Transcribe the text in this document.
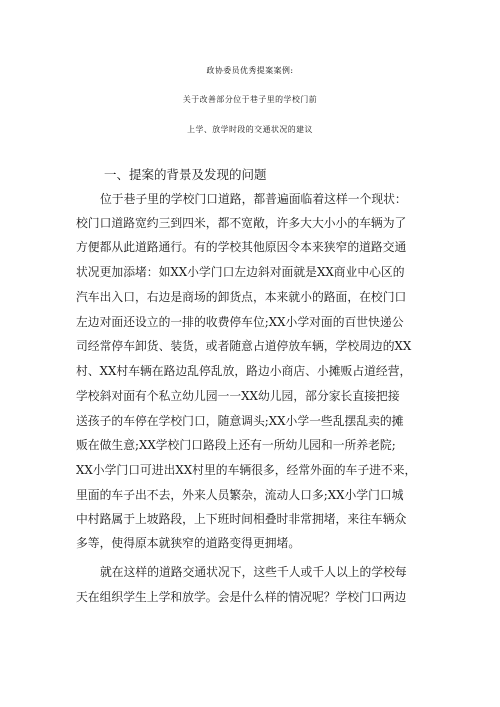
政协委员优秀提案案例:
关于改善部分位于巷子里的学校门前
上学、放学时段的交通状况的建议
一、提案的背景及发现的问题
位于巷子里的学校门口道路，都普遍面临着这样一个现状：
校门口道路宽约三到四米，都不宽敞，许多大大小小的车辆为了
方便都从此道路通行。有的学校其他原因令本来狭窄的道路交通
状况更加添堵：如XX小学门口左边斜对面就是XX商业中心区的
汽车出入口，右边是商场的卸货点，本来就小的路面，在校门口
左边对面还设立的一排的收费停车位;XX小学对面的百世快递公
司经常停车卸货、装货，或者随意占道停放车辆，学校周边的XX
村、XX村车辆在路边乱停乱放，路边小商店、小摊贩占道经营，
学校斜对面有个私立幼儿园一一XX幼儿园，部分家长直接把接
送孩子的车停在学校门口，随意调头;XX小学一些乱摆乱卖的摊
贩在做生意;XX学校门口路段上还有一所幼儿园和一所养老院;
XX小学门口可进出XX村里的车辆很多，经常外面的车子进不来，
里面的车子出不去，外来人员繁杂，流动人口多;XX小学门口城
中村路属于上坡路段，上下班时间相叠时非常拥堵，来往车辆众
多等，使得原本就狭窄的道路变得更拥堵。
就在这样的道路交通状况下，这些千人或千人以上的学校每
天在组织学生上学和放学。会是什么样的情况呢？学校门口两边
